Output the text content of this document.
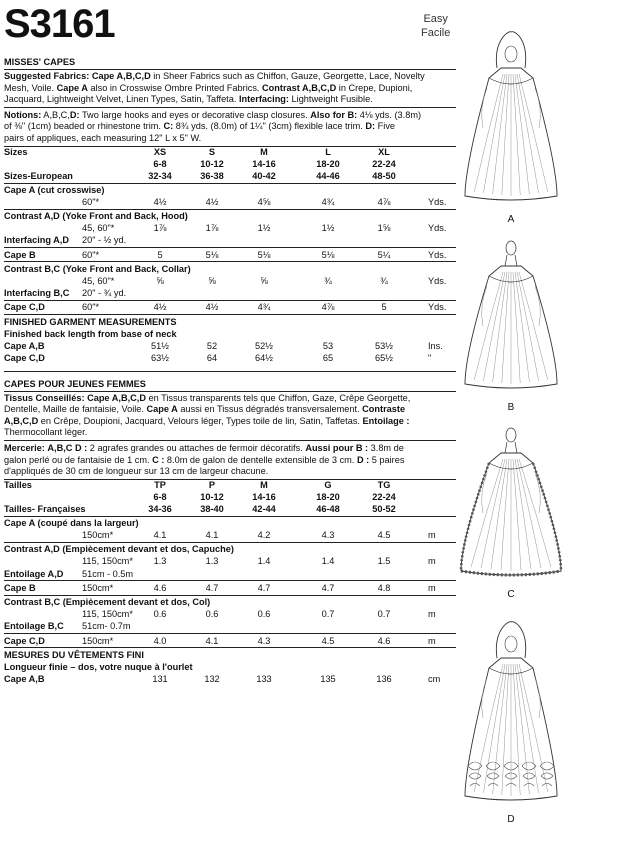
S3161	Easy
Facile
MISSES' CAPES
Suggested Fabrics: Cape A,B,C,D in Sheer Fabrics such as Chiffon, Gauze, Georgette, Lace, Novelty
Mesh, Voile. Cape A also in Crosswise Ombre Printed Fabrics. Contrast A,B,C,D in Crepe, Dupioni,
Jacquard, Lightweight Velvet, Linen Types, Satin, Taffeta. Interfacing: Lightweight Fusible.
Notions: A,B,C,D: Two large hooks and eyes or decorative clasp closures. Also for B: 4⅛ yds. (3.8m)
of ⅜" (1cm) beaded or rhinestone trim. C: 8¾ yds. (8.0m) of 1¼" (3cm) flexible lace trim. D: Five
pairs of appliques, each measuring 12" L x 5" W.
Sizes	XS	S	M	L	XL
6-8	10-12	14-16	18-20	22-24
Sizes-European	32-34	36-38	40-42	44-46	48-50
Cape A (cut crosswise)
60"*	4½	4½	4⅝	4¾	4⅞	Yds.
Contrast A,D (Yoke Front and Back, Hood)
45, 60"*	1⅞	1⅞	1½	1½	1⅝	Yds.
Interfacing A,D 20" - ½ yd.
Cape B	60"*	5	5⅛	5⅛	5⅛	5¼	Yds.
Contrast B,C (Yoke Front and Back, Collar)
45, 60"*	⅝	⅝	⅝	¾	¾	Yds.
Interfacing B,C 20" - ¾ yd.
Cape C,D	60"*	4½	4½	4¾	4⅞	5	Yds.
FINISHED GARMENT MEASUREMENTS
Finished back length from base of neck
Cape A,B	51½	52	52½	53	53½	Ins.
Cape C,D	63½	64	64½	65	65½	"
CAPES POUR JEUNES FEMMES
Tissus Conseillés: Cape A,B,C,D en Tissus transparents tels que Chiffon, Gaze, Crêpe Georgette,
Dentelle, Maille de fantaisie, Voile. Cape A aussi en Tissus dégradés transversalement. Contraste
A,B,C,D en Crêpe, Doupioni, Jacquard, Velours léger, Types toile de lin, Satin, Taffetas. Entoilage :
Thermocollant léger.
Mercerie: A,B,C D : 2 agrafes grandes ou attaches de fermoir décoratifs. Aussi pour B : 3.8m de
galon perlé ou de fantaisie de 1 cm. C : 8.0m de galon de dentelle extensible de 3 cm. D : 5 paires
d'appliqués de 30 cm de longueur sur 13 cm de largeur chacune.
Tailles	TP	P	M	G	TG
6-8	10-12	14-16	18-20	22-24
Tailles- Françaises	34-36	38-40	42-44	46-48	50-52
Cape A (coupé dans la largeur)
150cm*	4.1	4.1	4.2	4.3	4.5	m
Contrast A,D (Empiècement devant et dos, Capuche)
115, 150cm*	1.3	1.3	1.4	1.4	1.5	m
Entoilage A,D 51cm - 0.5m
Cape B	150cm*	4.6	4.7	4.7	4.7	4.8	m
Contrast B,C (Empiècement devant et dos, Col)
115, 150cm*	0.6	0.6	0.6	0.7	0.7	m
Entoilage B,C 51cm- 0.7m
Cape C,D	150cm*	4.0	4.1	4.3	4.5	4.6	m
MESURES DU VÊTEMENTS FINI
Longueur finie – dos, votre nuque à l'ourlet
Cape A,B	131	132	133	135	136	cm
A
B
C
D
